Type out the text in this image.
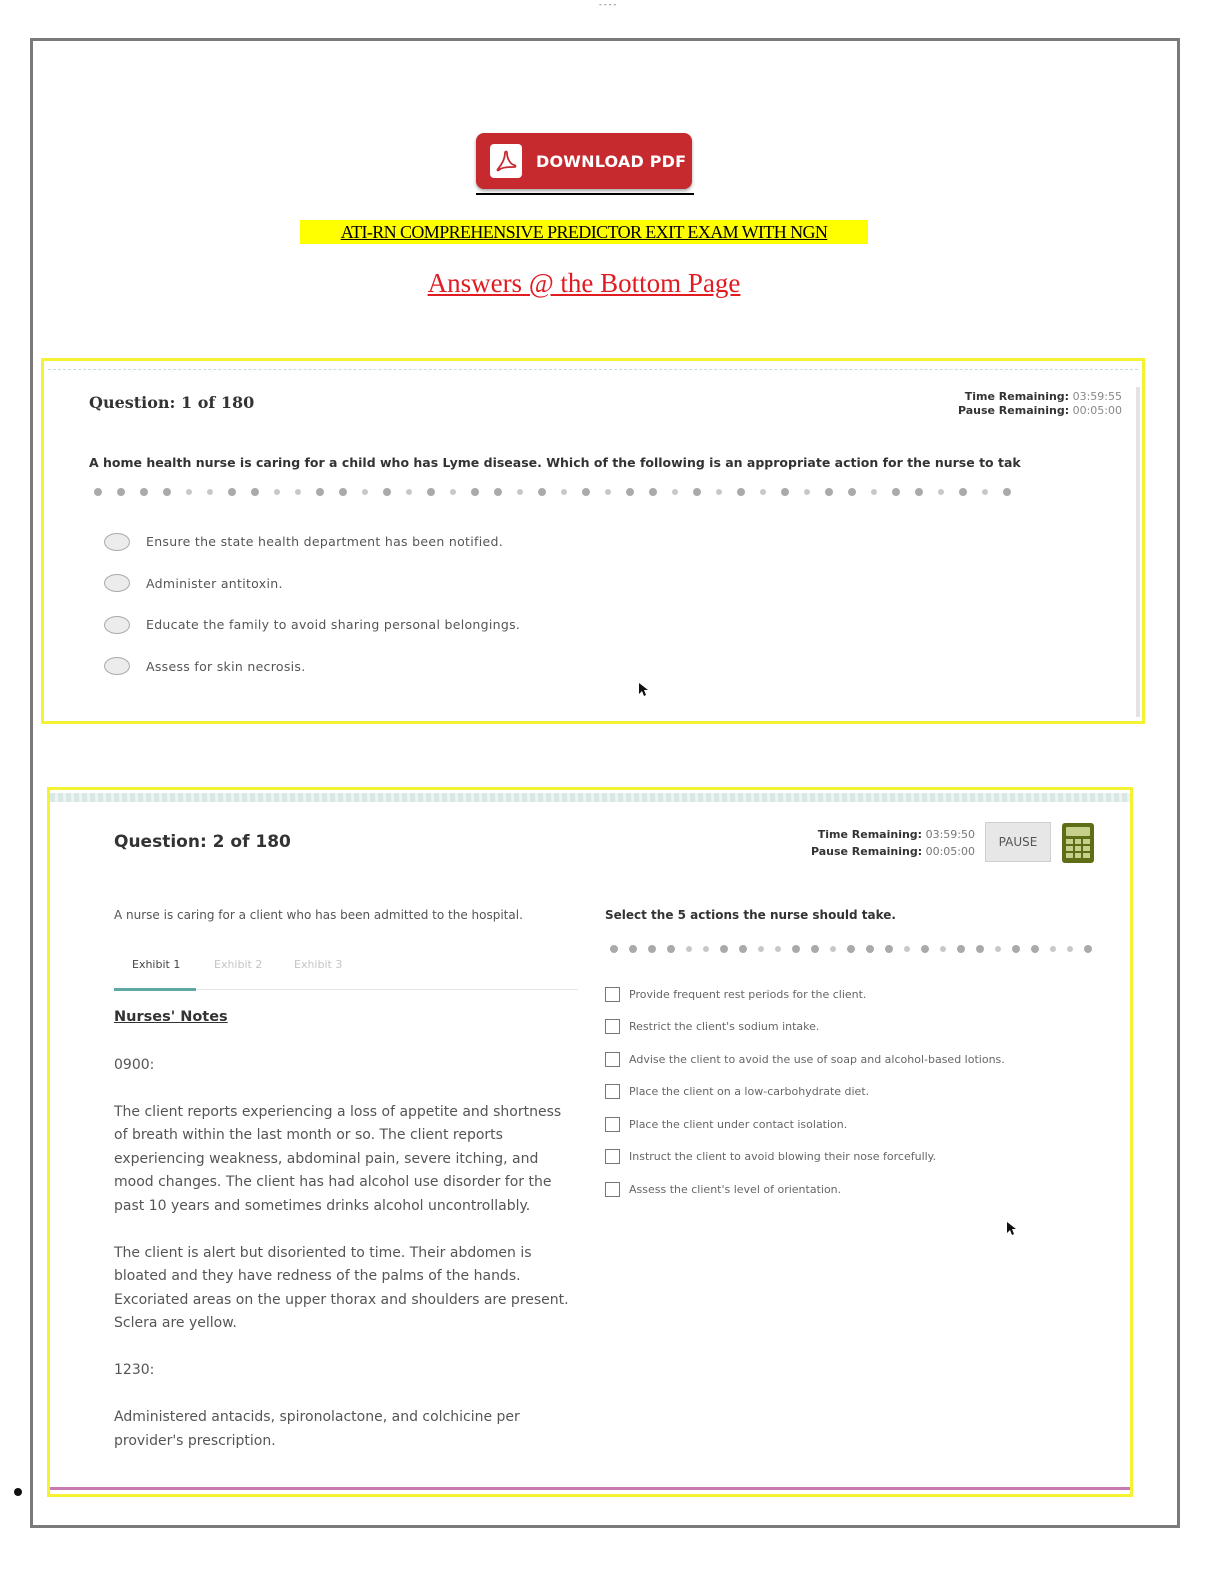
----
DOWNLOAD PDF
ATI-RN COMPREHENSIVE PREDICTOR EXIT EXAM WITH NGN
Answers @ the Bottom Page
Question: 1 of 180	Time Remaining: 03:59:55
Pause Remaining: 00:05:00
A home health nurse is caring for a child who has Lyme disease. Which of the following is an appropriate action for the nurse to tak
Ensure the state health department has been notified.
Administer antitoxin.
Educate the family to avoid sharing personal belongings.
Assess for skin necrosis.
Question: 2 of 180	Time Remaining: 03:59:50
Pause Remaining: 00:05:00
PAUSE
A nurse is caring for a client who has been admitted to the hospital.
Exhibit 1	Exhibit 2	Exhibit 3
Nurses' Notes

0900:

The client reports experiencing a loss of appetite and shortness of breath within the last month or so. The client reports experiencing weakness, abdominal pain, severe itching, and mood changes. The client has had alcohol use disorder for the past 10 years and sometimes drinks alcohol uncontrollably.

The client is alert but disoriented to time. Their abdomen is bloated and they have redness of the palms of the hands. Excoriated areas on the upper thorax and shoulders are present. Sclera are yellow.

1230:

Administered antacids, spironolactone, and colchicine per provider's prescription.

Select the 5 actions the nurse should take.
Provide frequent rest periods for the client.
Restrict the client's sodium intake.
Advise the client to avoid the use of soap and alcohol-based lotions.
Place the client on a low-carbohydrate diet.
Place the client under contact isolation.
Instruct the client to avoid blowing their nose forcefully.
Assess the client's level of orientation.
